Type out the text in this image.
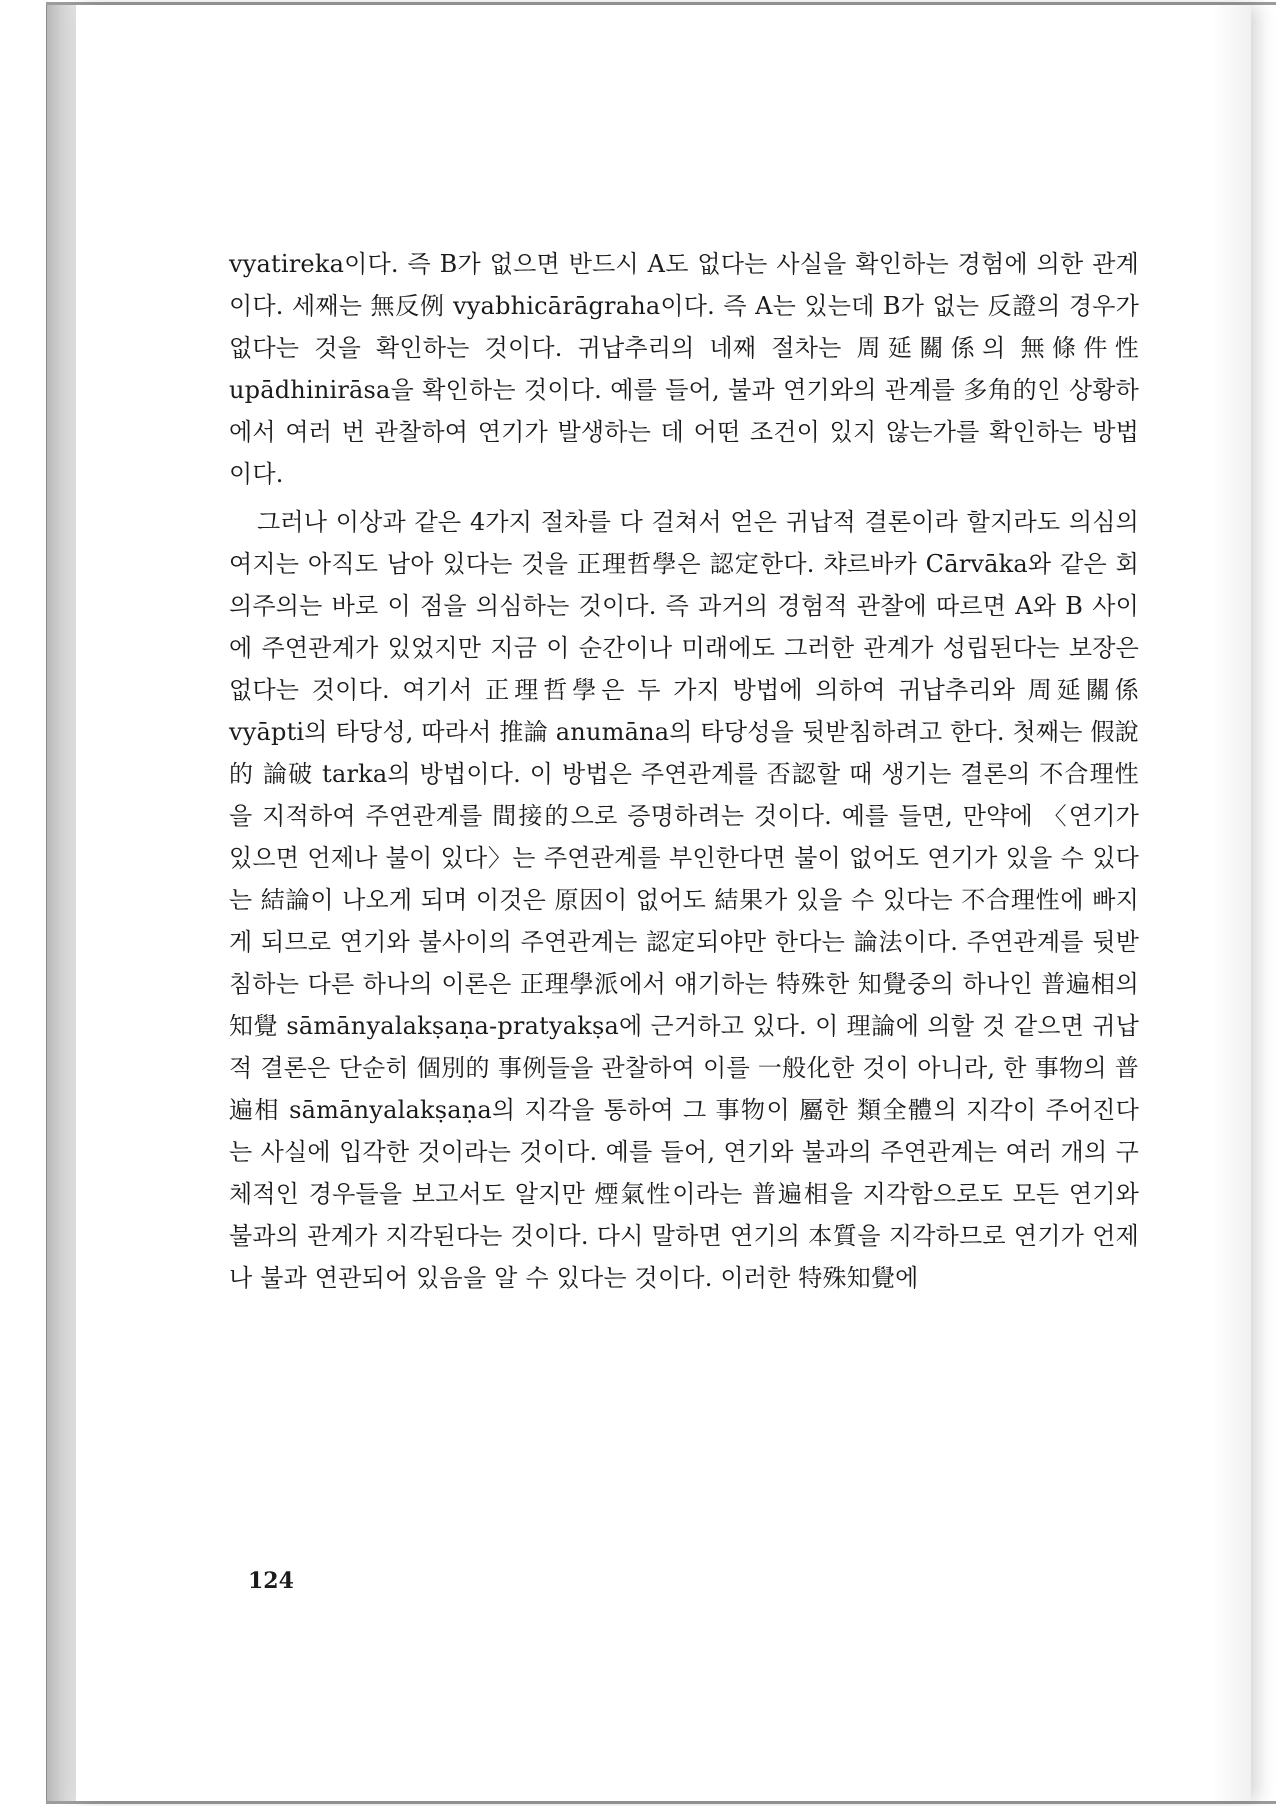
vyatireka이다. 즉 B가 없으면 반드시 A도 없다는 사실을 확인하는 경험에 의한 관계이다. 세째는 無反例 vyabhicārāgraha이다. 즉 A는 있는데 B가 없는 反證의 경우가 없다는 것을 확인하는 것이다. 귀납추리의 네째 절차는 周延關係의 無條件性 upādhinirāsa을 확인하는 것이다. 예를 들어, 불과 연기와의 관계를 多角的인 상황하에서 여러 번 관찰하여 연기가 발생하는 데 어떤 조건이 있지 않는가를 확인하는 방법이다.

그러나 이상과 같은 4가지 절차를 다 걸쳐서 얻은 귀납적 결론이라 할지라도 의심의 여지는 아직도 남아 있다는 것을 正理哲學은 認定한다. 챠르바카 Cārvāka와 같은 회의주의는 바로 이 점을 의심하는 것이다. 즉 과거의 경험적 관찰에 따르면 A와 B 사이에 주연관계가 있었지만 지금 이 순간이나 미래에도 그러한 관계가 성립된다는 보장은 없다는 것이다. 여기서 正理哲學은 두 가지 방법에 의하여 귀납추리와 周延關係 vyāpti의 타당성, 따라서 推論 anumāna의 타당성을 뒷받침하려고 한다. 첫째는 假說的 論破 tarka의 방법이다. 이 방법은 주연관계를 否認할 때 생기는 결론의 不合理性을 지적하여 주연관계를 間接的으로 증명하려는 것이다. 예를 들면, 만약에 〈연기가 있으면 언제나 불이 있다〉는 주연관계를 부인한다면 불이 없어도 연기가 있을 수 있다는 結論이 나오게 되며 이것은 原因이 없어도 結果가 있을 수 있다는 不合理性에 빠지게 되므로 연기와 불사이의 주연관계는 認定되야만 한다는 論法이다. 주연관계를 뒷받침하는 다른 하나의 이론은 正理學派에서 얘기하는 特殊한 知覺중의 하나인 普遍相의 知覺 sāmānyalakṣaṇa-pratyakṣa에 근거하고 있다. 이 理論에 의할 것 같으면 귀납적 결론은 단순히 個別的 事例들을 관찰하여 이를 一般化한 것이 아니라, 한 事物의 普遍相 sāmānyalakṣaṇa의 지각을 통하여 그 事物이 屬한 類全體의 지각이 주어진다는 사실에 입각한 것이라는 것이다. 예를 들어, 연기와 불과의 주연관계는 여러 개의 구체적인 경우들을 보고서도 알지만 煙氣性이라는 普遍相을 지각함으로도 모든 연기와 불과의 관계가 지각된다는 것이다. 다시 말하면 연기의 本質을 지각하므로 연기가 언제나 불과 연관되어 있음을 알 수 있다는 것이다. 이러한 特殊知覺에

124
